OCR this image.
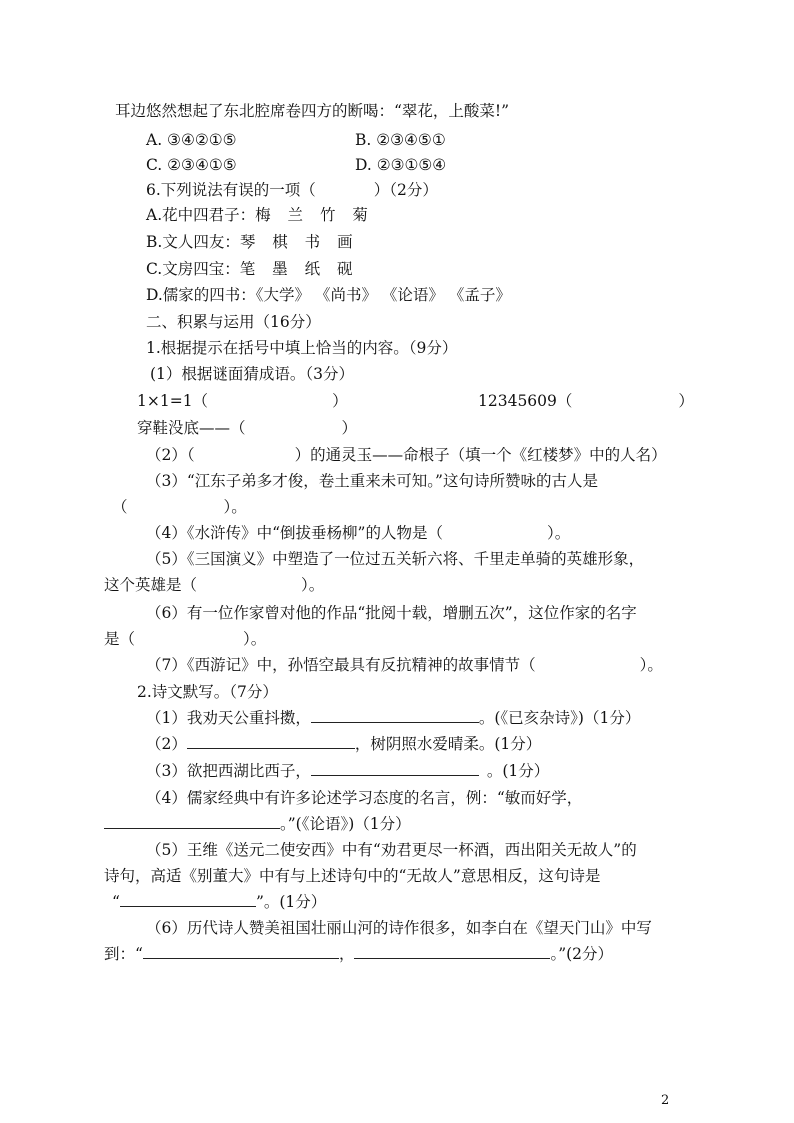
耳边悠然想起了东北腔席卷四方的断喝：“翠花，上酸菜!”
A. ③④②①⑤	B. ②③④⑤①
C. ②③④①⑤	D. ②③①⑤④
6.下列说法有误的一项（	）（2分）
A.花中四君子：梅 兰 竹 菊
B.文人四友：琴 棋 书 画
C.文房四宝：笔 墨 纸 砚
D.儒家的四书：《大学》 《尚书》 《论语》 《孟子》
二、积累与运用（16分）
1.根据提示在括号中填上恰当的内容。（9分）
(1）根据谜面猜成语。（3分）
1×1=1（	）	12345609（	）
穿鞋没底——（	）
（2）（	）的通灵玉——命根子（填一个《红楼梦》中的人名）
（3）“江东子弟多才俊，卷土重来未可知。”这句诗所赞咏的古人是
（	）。
（4）《水浒传》中“倒拔垂杨柳”的人物是（	）。
（5）《三国演义》中塑造了一位过五关斩六将、千里走单骑的英雄形象，
这个英雄是（	）。
（6）有一位作家曾对他的作品“批阅十载，增删五次”，这位作家的名字
是（	）。
（7）《西游记》中，孙悟空最具有反抗精神的故事情节（	）。
2.诗文默写。（7分）
（1）我劝天公重抖擞，	。(《已亥杂诗》)（1分）
（2）	，树阴照水爱晴柔。(1分）
（3）欲把西湖比西子，	。(1分）
（4）儒家经典中有许多论述学习态度的名言，例：“敏而好学，
。”(《论语》)（1分）
（5）王维《送元二使安西》中有“劝君更尽一杯酒，西出阳关无故人”的
诗句，高适《别董大》中有与上述诗句中的“无故人”意思相反，这句诗是
“	”。(1分）
（6）历代诗人赞美祖国壮丽山河的诗作很多，如李白在《望天门山》中写
到：“	，	。”(2分）
2
